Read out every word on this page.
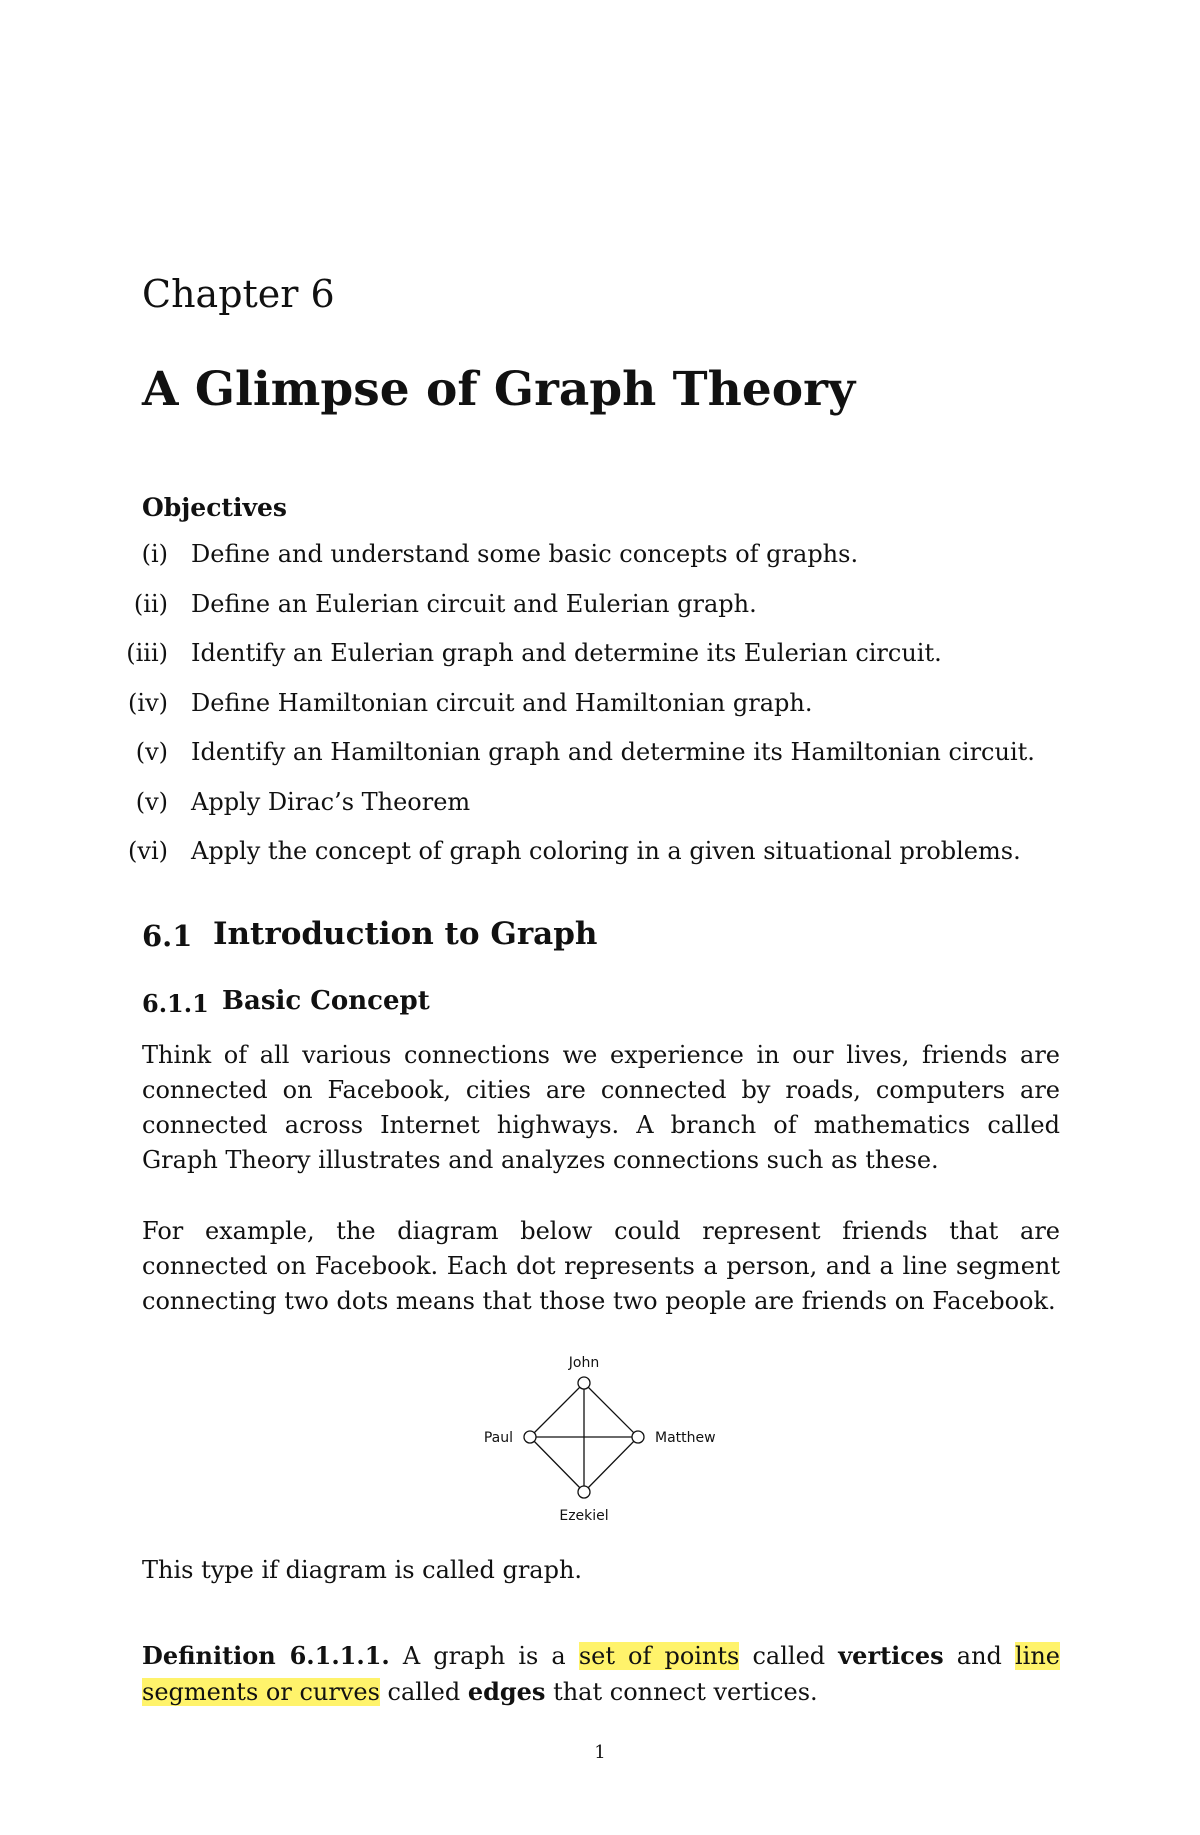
Chapter 6
A Glimpse of Graph Theory
Objectives
(i) Define and understand some basic concepts of graphs.
(ii) Define an Eulerian circuit and Eulerian graph.
(iii) Identify an Eulerian graph and determine its Eulerian circuit.
(iv) Define Hamiltonian circuit and Hamiltonian graph.
(v) Identify an Hamiltonian graph and determine its Hamiltonian circuit.
(v) Apply Dirac’s Theorem
(vi) Apply the concept of graph coloring in a given situational problems.
6.1 Introduction to Graph
6.1.1 Basic Concept

Think of all various connections we experience in our lives, friends are connected on Facebook, cities are connected by roads, computers are connected across Internet highways. A branch of mathematics called Graph Theory illustrates and analyzes connections such as these.

For example, the diagram below could represent friends that are connected on Facebook. Each dot represents a person, and a line segment connecting two dots means that those two people are friends on Facebook.

John
Paul	Matthew
Ezekiel

This type if diagram is called graph.

Definition 6.1.1.1. A graph is a set of points called vertices and line segments or curves called edges that connect vertices.

1
